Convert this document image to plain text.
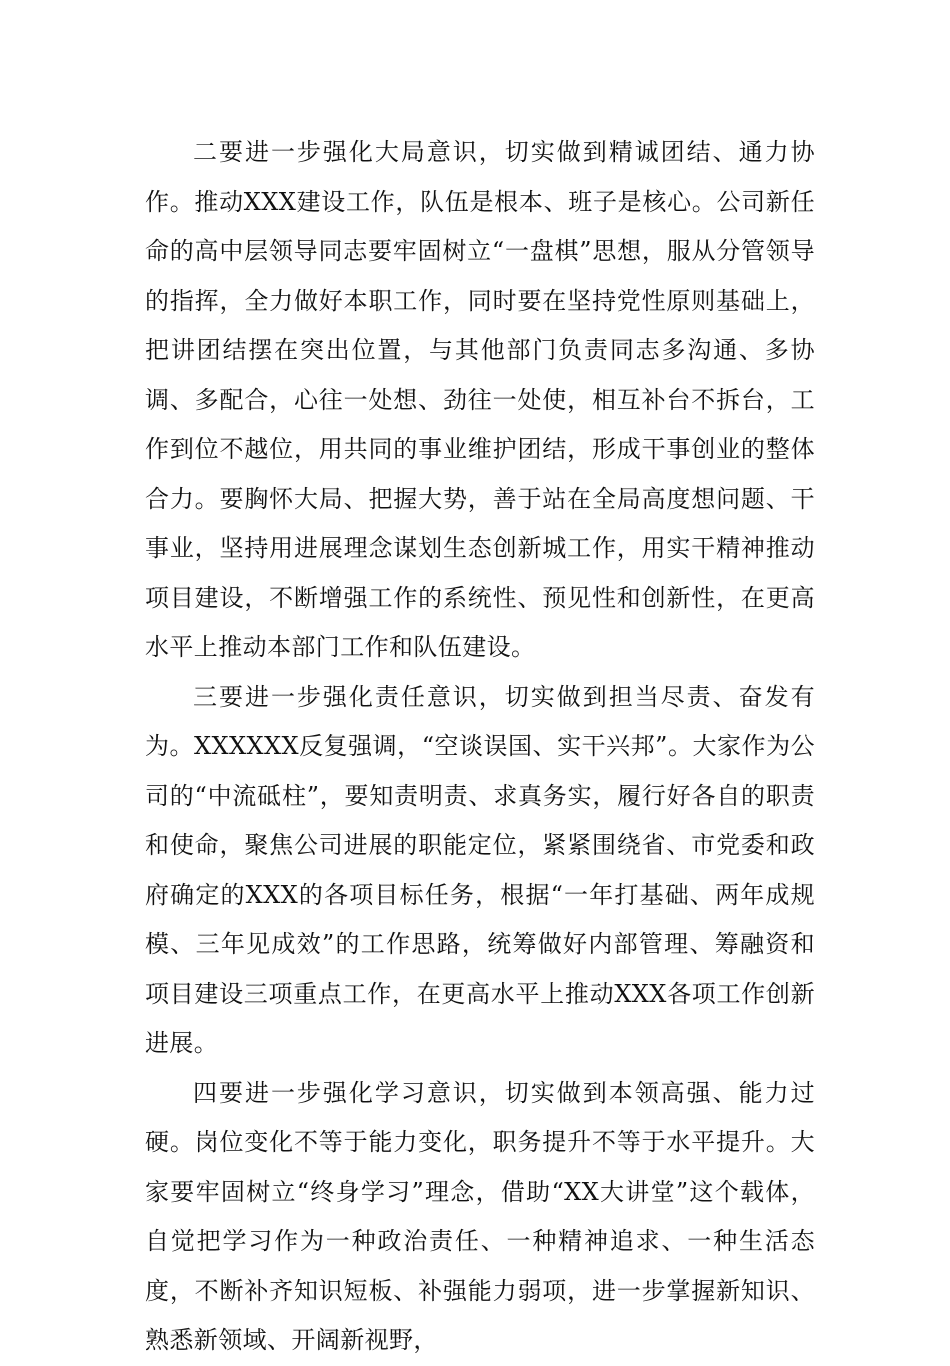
二要进一步强化大局意识，切实做到精诚团结、通力协作。推动XXX建设工作，队伍是根本、班子是核心。公司新任命的高中层领导同志要牢固树立“一盘棋”思想，服从分管领导的指挥，全力做好本职工作，同时要在坚持党性原则基础上，把讲团结摆在突出位置，与其他部门负责同志多沟通、多协调、多配合，心往一处想、劲往一处使，相互补台不拆台，工作到位不越位，用共同的事业维护团结，形成干事创业的整体合力。要胸怀大局、把握大势，善于站在全局高度想问题、干事业，坚持用进展理念谋划生态创新城工作，用实干精神推动项目建设，不断增强工作的系统性、预见性和创新性，在更高水平上推动本部门工作和队伍建设。

三要进一步强化责任意识，切实做到担当尽责、奋发有为。XXXXXX反复强调，“空谈误国、实干兴邦”。大家作为公司的“中流砥柱”，要知责明责、求真务实，履行好各自的职责和使命，聚焦公司进展的职能定位，紧紧围绕省、市党委和政府确定的XXX的各项目标任务，根据“一年打基础、两年成规模、三年见成效”的工作思路，统筹做好内部管理、筹融资和项目建设三项重点工作，在更高水平上推动XXX各项工作创新进展。

四要进一步强化学习意识，切实做到本领高强、能力过硬。岗位变化不等于能力变化，职务提升不等于水平提升。大家要牢固树立“终身学习”理念，借助“XX大讲堂”这个载体，自觉把学习作为一种政治责任、一种精神追求、一种生活态度，不断补齐知识短板、补强能力弱项，进一步掌握新知识、熟悉新领域、开阔新视野，
